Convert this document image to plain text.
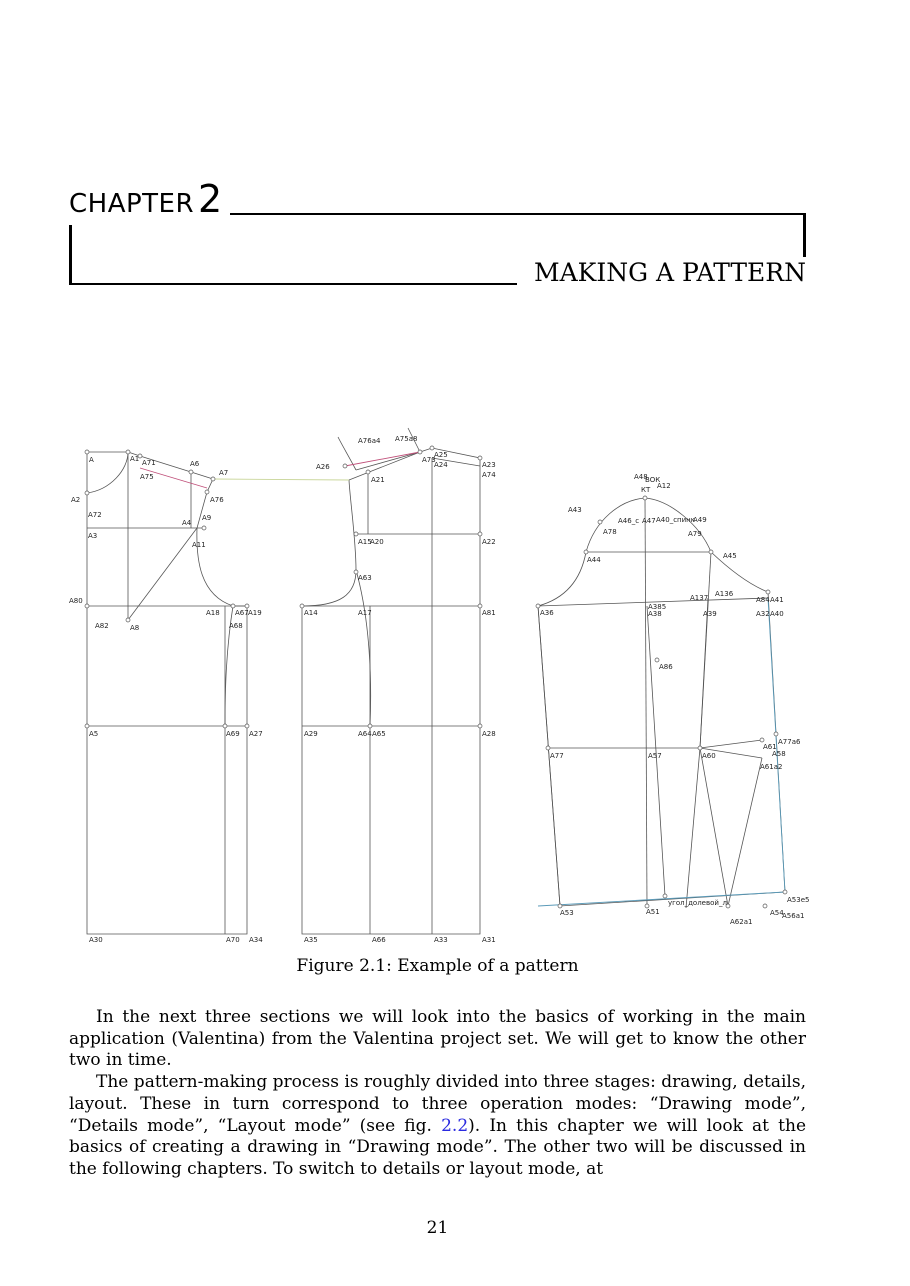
CHAPTER 2
MAKING A PATTERN
A	A1 A71
A75
A6
A7
A2	A76
A72	A9
A4
A3
A11
A80
A18 A67 A19
A82	A8	A68
A5	A69 A27
A30	A70 A34
A76a4 A75a8
A25
A73
A24
A26	A23
A74
A21
A15
A20	A22
A63
A14	A17	A81
A29	A64 A65	A28
A35	A66	A33	A31
A48
ВОК
A12
КТ
A43
A46_с A47 А40_спинк
A49
A78	A79
A44	A45
A136
A137	A84 A41
A36
A385
A38	A39	A32 A40
A86
A77a6
A61
A58
A77	A57	A60
A61a2
A53e5
угол_долевой_л
A53	A51	A54
A56a1
A62a1
Figure 2.1: Example of a pattern

In the next three sections we will look into the basics of working in the main application (Valentina) from the Valentina project set. We will get to know the other two in time.

The pattern-making process is roughly divided into three stages: drawing, details, layout. These in turn correspond to three operation modes: “Drawing mode”, “Details mode”, “Layout mode” (see fig. 2.2). In this chapter we will look at the basics of creating a drawing in “Drawing mode”. The other two will be discussed in the following chapters. To switch to details or layout mode, at

21
